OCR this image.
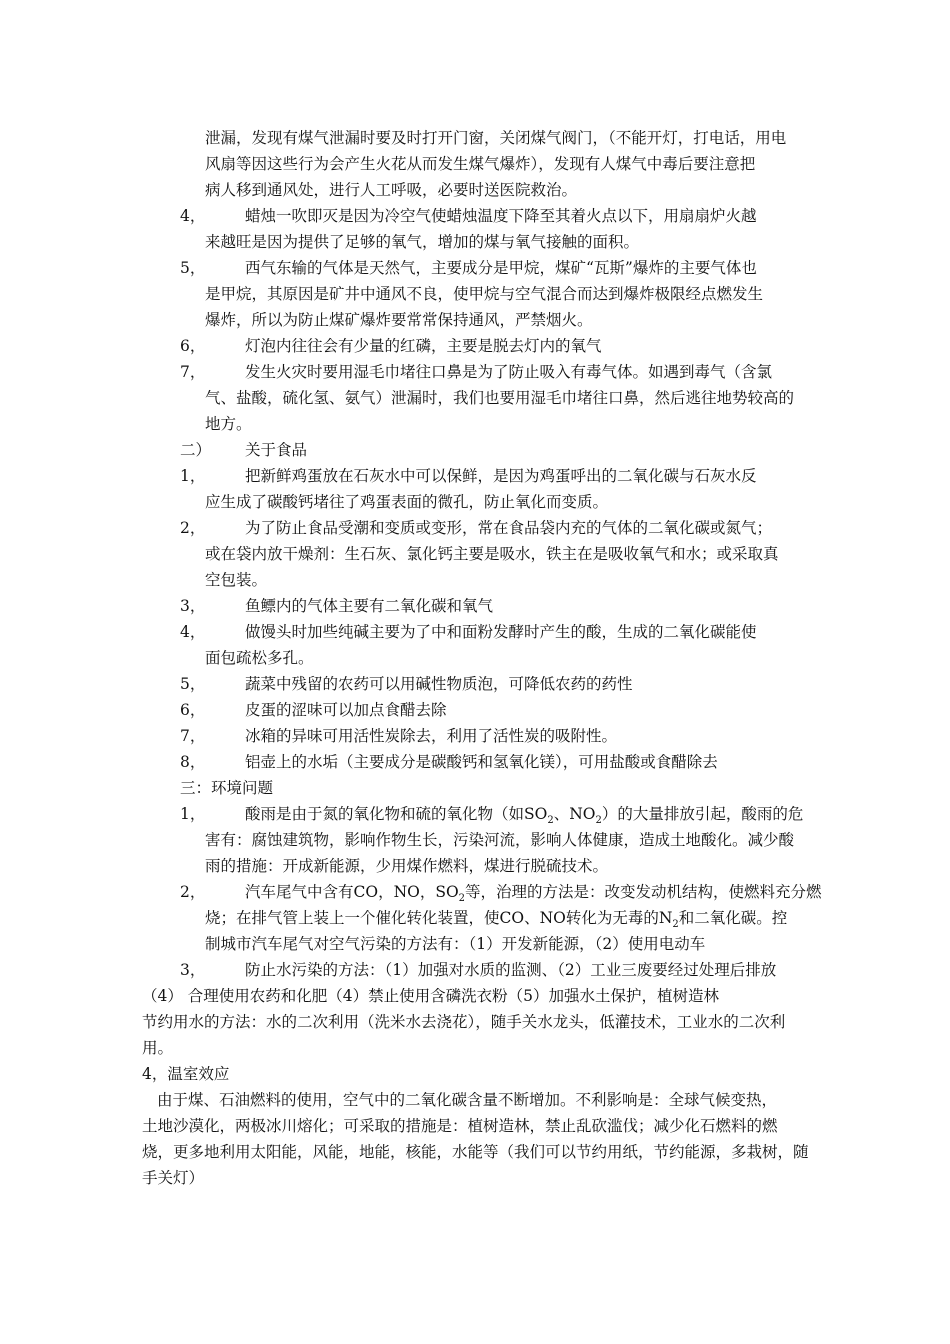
泄漏，发现有煤气泄漏时要及时打开门窗，关闭煤气阀门，（不能开灯，打电话，用电
风扇等因这些行为会产生火花从而发生煤气爆炸），发现有人煤气中毒后要注意把
病人移到通风处，进行人工呼吸，必要时送医院救治。
4，	蜡烛一吹即灭是因为冷空气使蜡烛温度下降至其着火点以下，用扇扇炉火越
来越旺是因为提供了足够的氧气，增加的煤与氧气接触的面积。
5，	西气东输的气体是天然气，主要成分是甲烷，煤矿“瓦斯”爆炸的主要气体也
是甲烷，其原因是矿井中通风不良，使甲烷与空气混合而达到爆炸极限经点燃发生
爆炸，所以为防止煤矿爆炸要常常保持通风，严禁烟火。
6，	灯泡内往往会有少量的红磷，主要是脱去灯内的氧气
7，	发生火灾时要用湿毛巾堵往口鼻是为了防止吸入有毒气体。如遇到毒气（含氯
气、盐酸，硫化氢、氨气）泄漏时，我们也要用湿毛巾堵往口鼻，然后逃往地势较高的
地方。
二） 关于食品
1，	把新鲜鸡蛋放在石灰水中可以保鲜，是因为鸡蛋呼出的二氧化碳与石灰水反
应生成了碳酸钙堵往了鸡蛋表面的微孔，防止氧化而变质。
2，	为了防止食品受潮和变质或变形，常在食品袋内充的气体的二氧化碳或氮气；
或在袋内放干燥剂：生石灰、氯化钙主要是吸水，铁主在是吸收氧气和水；或采取真
空包装。
3，	鱼鳔内的气体主要有二氧化碳和氧气
4，	做馒头时加些纯碱主要为了中和面粉发酵时产生的酸，生成的二氧化碳能使
面包疏松多孔。
5，	蔬菜中残留的农药可以用碱性物质泡，可降低农药的药性
6，	皮蛋的涩味可以加点食醋去除
7，	冰箱的异味可用活性炭除去，利用了活性炭的吸附性。
8，	铝壶上的水垢（主要成分是碳酸钙和氢氧化镁），可用盐酸或食醋除去
三：环境问题
1，	酸雨是由于氮的氧化物和硫的氧化物（如$SO_2$、$NO_2$）的大量排放引起，酸雨的危
害有：腐蚀建筑物，影响作物生长，污染河流，影响人体健康，造成土地酸化。减少酸
雨的措施：开成新能源，少用煤作燃料，煤进行脱硫技术。
2，	汽车尾气中含有CO，NO，$SO_2$等，治理的方法是：改变发动机结构，使燃料充分燃
烧；在排气管上装上一个催化转化装置，使CO、NO转化为无毒的$N_2$和二氧化碳。控
制城市汽车尾气对空气污染的方法有：（1）开发新能源，（2）使用电动车
3，	防止水污染的方法：（1）加强对水质的监测、（2）工业三废要经过处理后排放
（4） 合理使用农药和化肥（4）禁止使用含磷洗衣粉（5）加强水土保护，植树造林
节约用水的方法：水的二次利用（洗米水去浇花），随手关水龙头，低灌技术，工业水的二次利
用。
4，温室效应
由于煤、石油燃料的使用，空气中的二氧化碳含量不断增加。不利影响是：全球气候变热，
土地沙漠化，两极冰川熔化；可采取的措施是：植树造林，禁止乱砍滥伐；减少化石燃料的燃
烧，更多地利用太阳能，风能，地能，核能，水能等（我们可以节约用纸，节约能源，多栽树，随
手关灯）
